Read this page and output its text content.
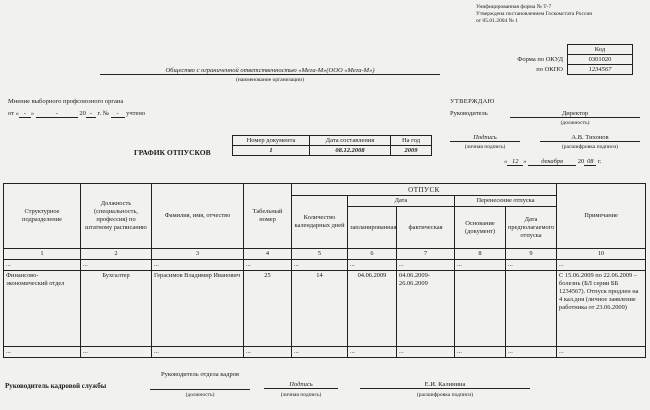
Унифицированная форма № Т-7
Утверждена постановлением Госкомстата России
от 05.01.2004 № 1
	Код
Форма по ОКУД	0301020
по ОКПО	1234567
Общество с ограниченной ответственностью «Мега-М»(ООО «Мега-М»)
(наименование организации)
Мнение выборного профсоюзного органа
от « - »	-	20 - г. № - учтено
УТВЕРЖДАЮ
Руководитель	Директор
(должность)
Подпись
(личная подпись)
А.В. Тихонов
(расшифровка подписи)
« 12 » декабря 20 08 г.
ГРАФИК ОТПУСКОВ
Номер документа	Дата составления	На год
1	08.12.2008	2009
Структурное подразделение	Должность (специальность, профессия) по штатному расписанию	Фамилия, имя, отчество	Табельный номер	ОТПУСК					Примечание
				Количество календарных дней	Дата		Перенесение отпуска		
					запланированная	фактическая	Основание (документ)	Дата предполагаемого отпуска	
1	2	3	4	5	6	7	8	9	10
...	...	...	...	...	...	...	...	...	...
Финансово-экономический отдел	Бухгалтер	Герасимов Владимир Иванович	25	14	04.06.2009	04.06.2009-26.06.2009			С 15.06.2009 по 22.06.2009 – болезнь (БЛ серии ББ 1234567). Отпуск продлен на 4 кал.дня (личное заявление работника от 23.06.2009)
...	...	...	...	...	...	...	...	...	...
Руководитель кадровой службы
Руководитель отдела кадров
(должность)
Подпись
(личная подпись)
Е.И. Калинина
(расшифровка подписи)
